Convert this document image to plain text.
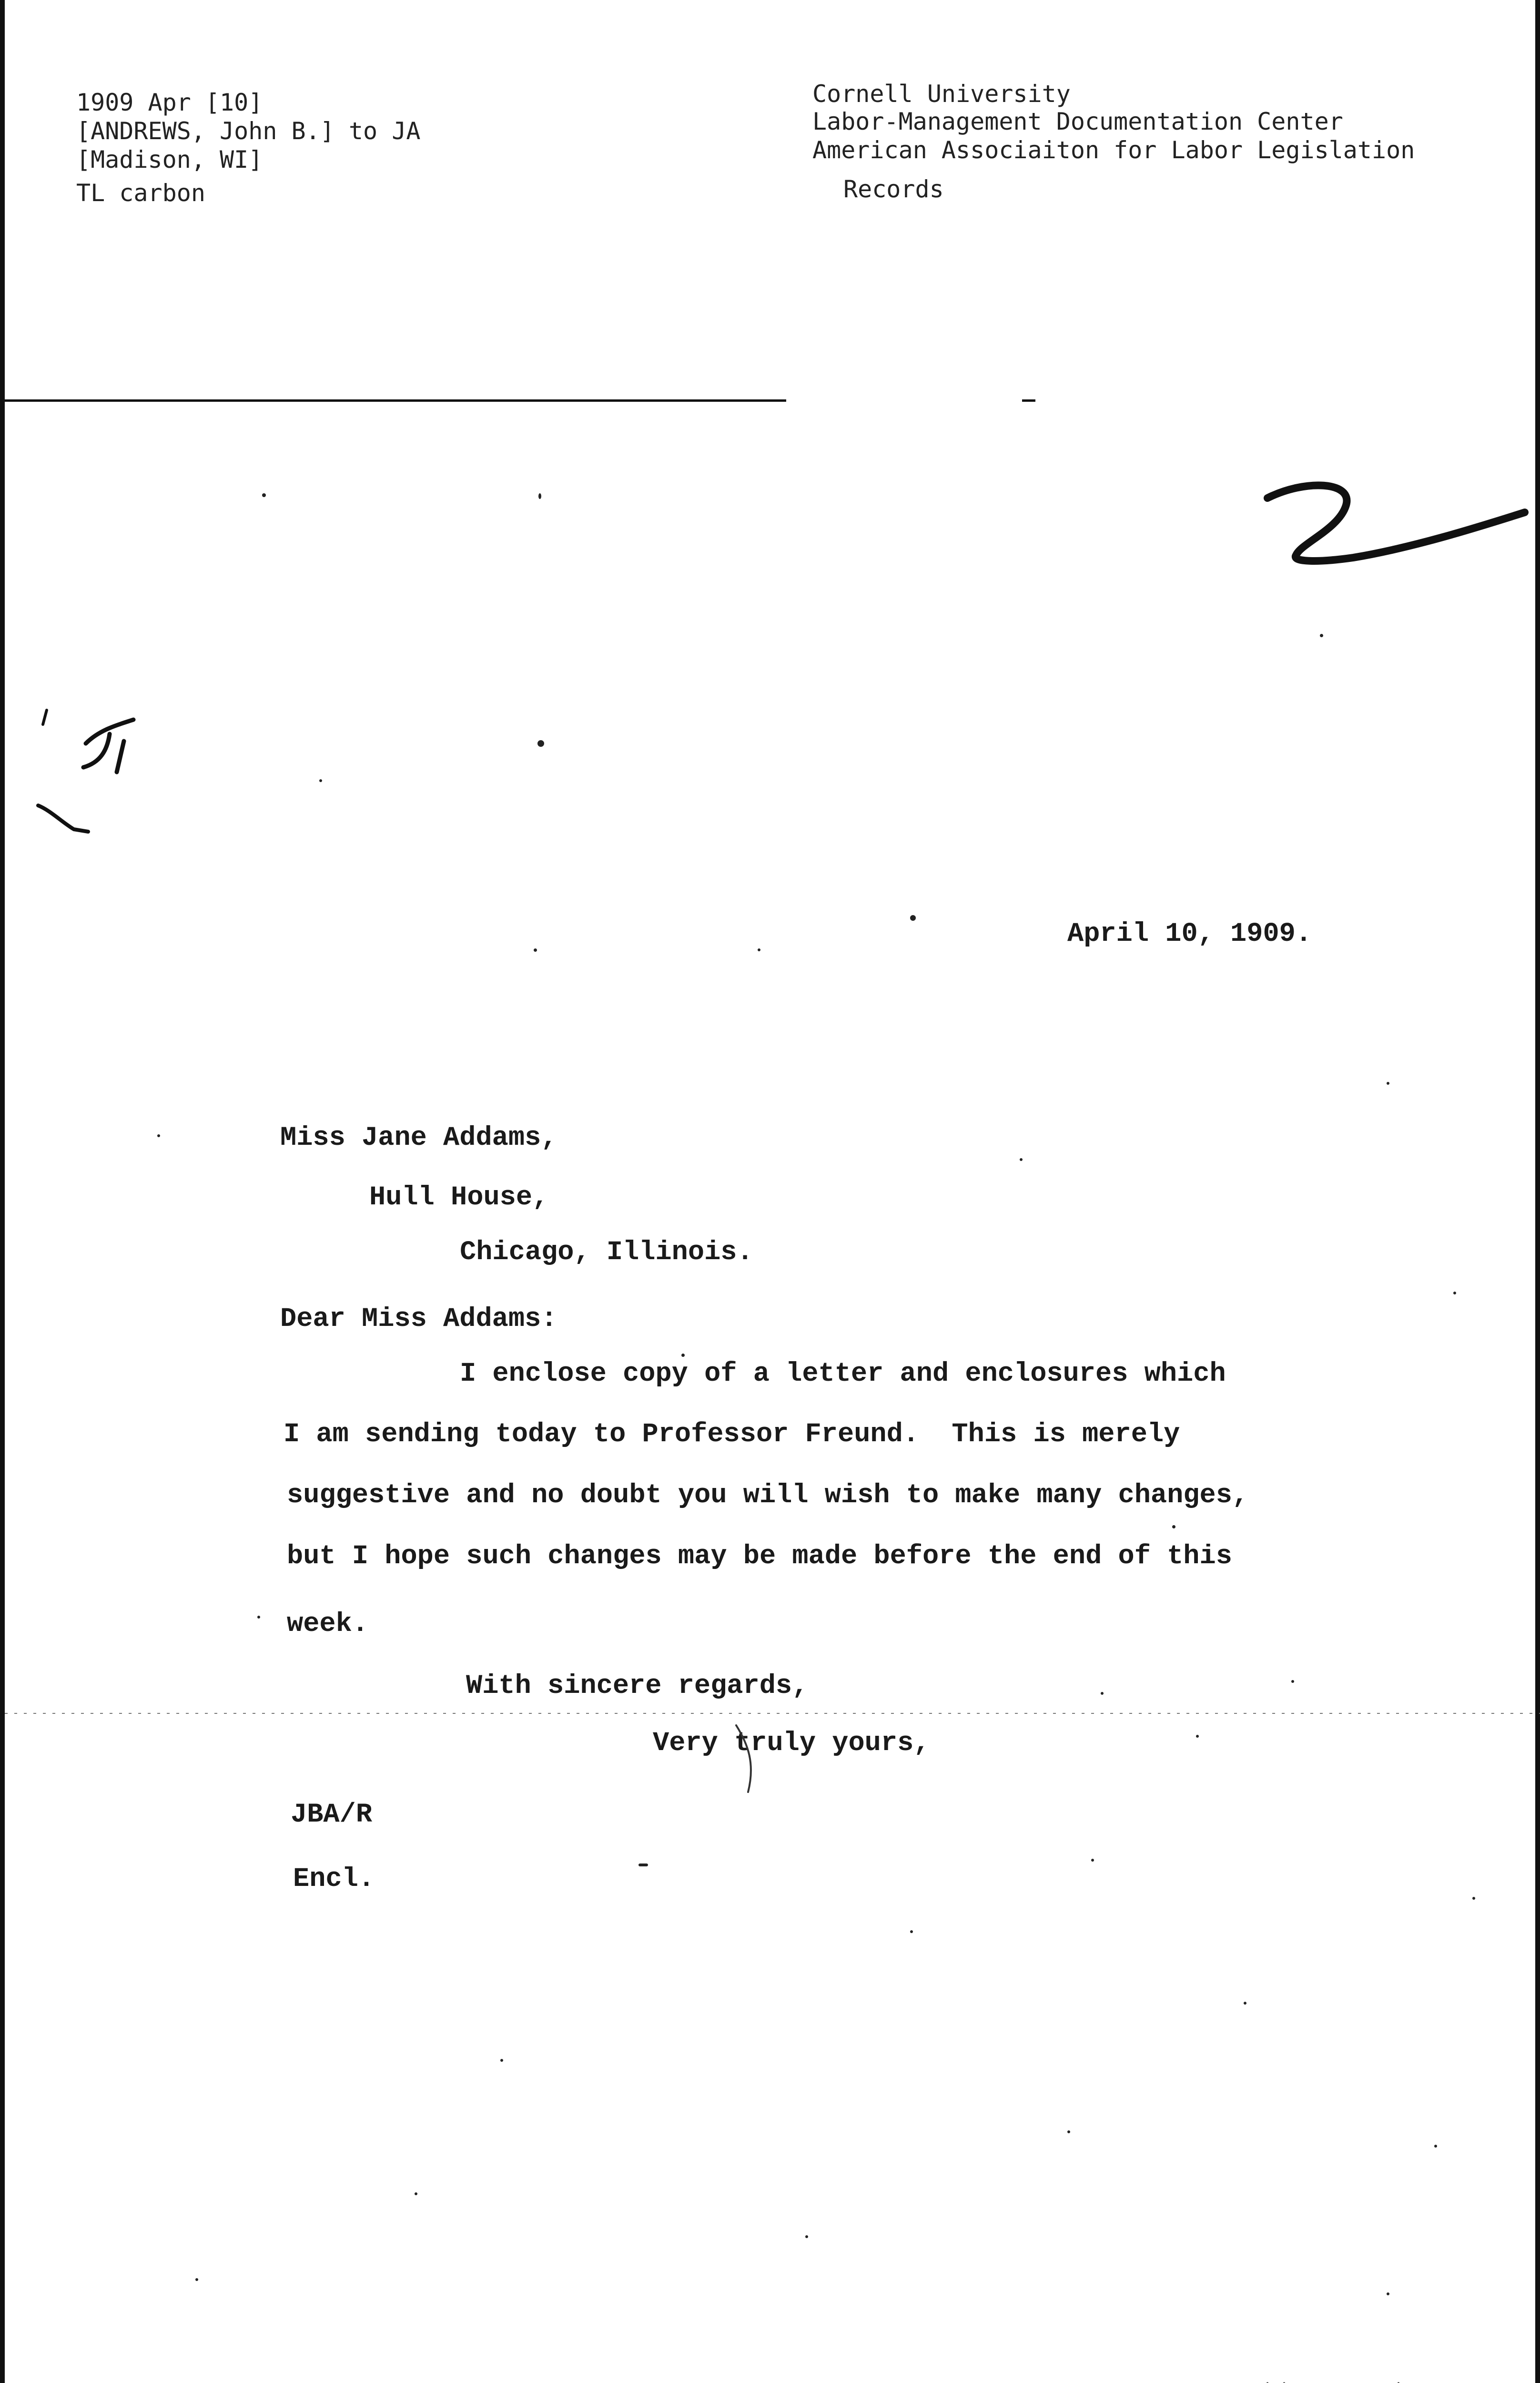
1909 Apr [10]
[ANDREWS, John B.] to JA
[Madison, WI]
TL carbon
Cornell University
Labor-Management Documentation Center
American Associaiton for Labor Legislation
Records
April 10, 1909.
Miss Jane Addams,
Hull House,
Chicago, Illinois.
Dear Miss Addams:
I enclose copy of a letter and enclosures which
I am sending today to Professor Freund.  This is merely
suggestive and no doubt you will wish to make many changes,
but I hope such changes may be made before the end of this
week.
With sincere regards,
Very truly yours,
JBA/R
Encl.
